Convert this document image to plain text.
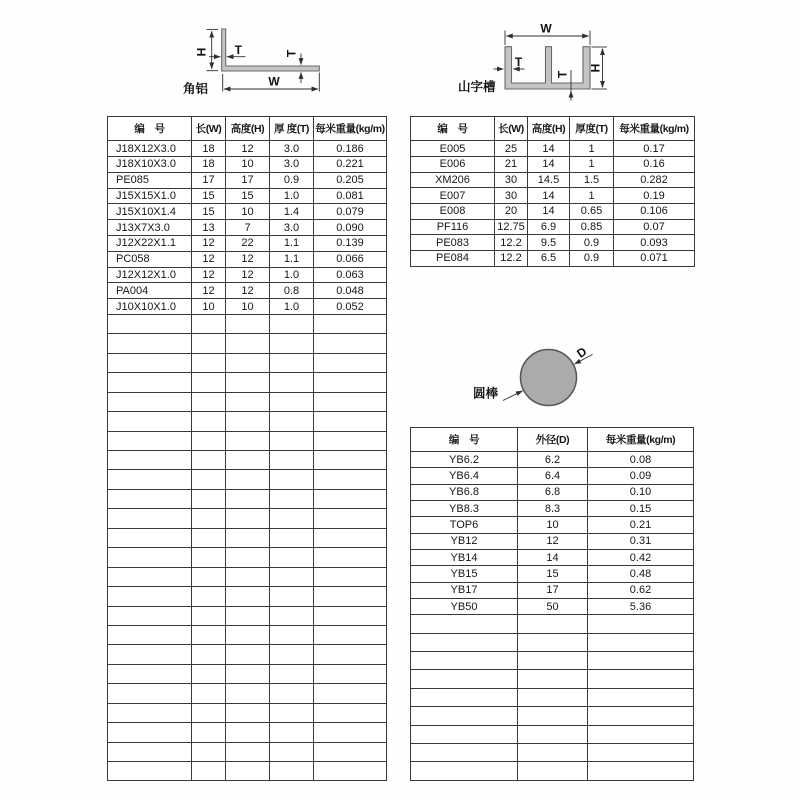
H T	T
W
角铝
W
T
T
H
山字槽
D
圆棒
编　号	长(W)	高度(H)	厚 度(T)	每米重量(kg/m)
J18X12X3.0	18	12	3.0	0.186
J18X10X3.0	18	10	3.0	0.221
PE085	17	17	0.9	0.205
J15X15X1.0	15	15	1.0	0.081
J15X10X1.4	15	10	1.4	0.079
J13X7X3.0	13	7	3.0	0.090
J12X22X1.1	12	22	1.1	0.139
PC058	12	12	1.1	0.066
J12X12X1.0	12	12	1.0	0.063
PA004	12	12	0.8	0.048
J10X10X1.0	10	10	1.0	0.052

编　号	长(W)	高度(H)	厚度(T)	每米重量(kg/m)
E005	25	14	1	0.17
E006	21	14	1	0.16
XM206	30	14.5	1.5	0.282
E007	30	14	1	0.19
E008	20	14	0.65	0.106
PF116	12.75	6.9	0.85	0.07
PE083	12.2	9.5	0.9	0.093
PE084	12.2	6.5	0.9	0.071
编　号	外径(D)	每米重量(kg/m)
YB6.2	6.2	0.08
YB6.4	6.4	0.09
YB6.8	6.8	0.10
YB8.3	8.3	0.15
TOP6	10	0.21
YB12	12	0.31
YB14	14	0.42
YB15	15	0.48
YB17	17	0.62
YB50	50	5.36
